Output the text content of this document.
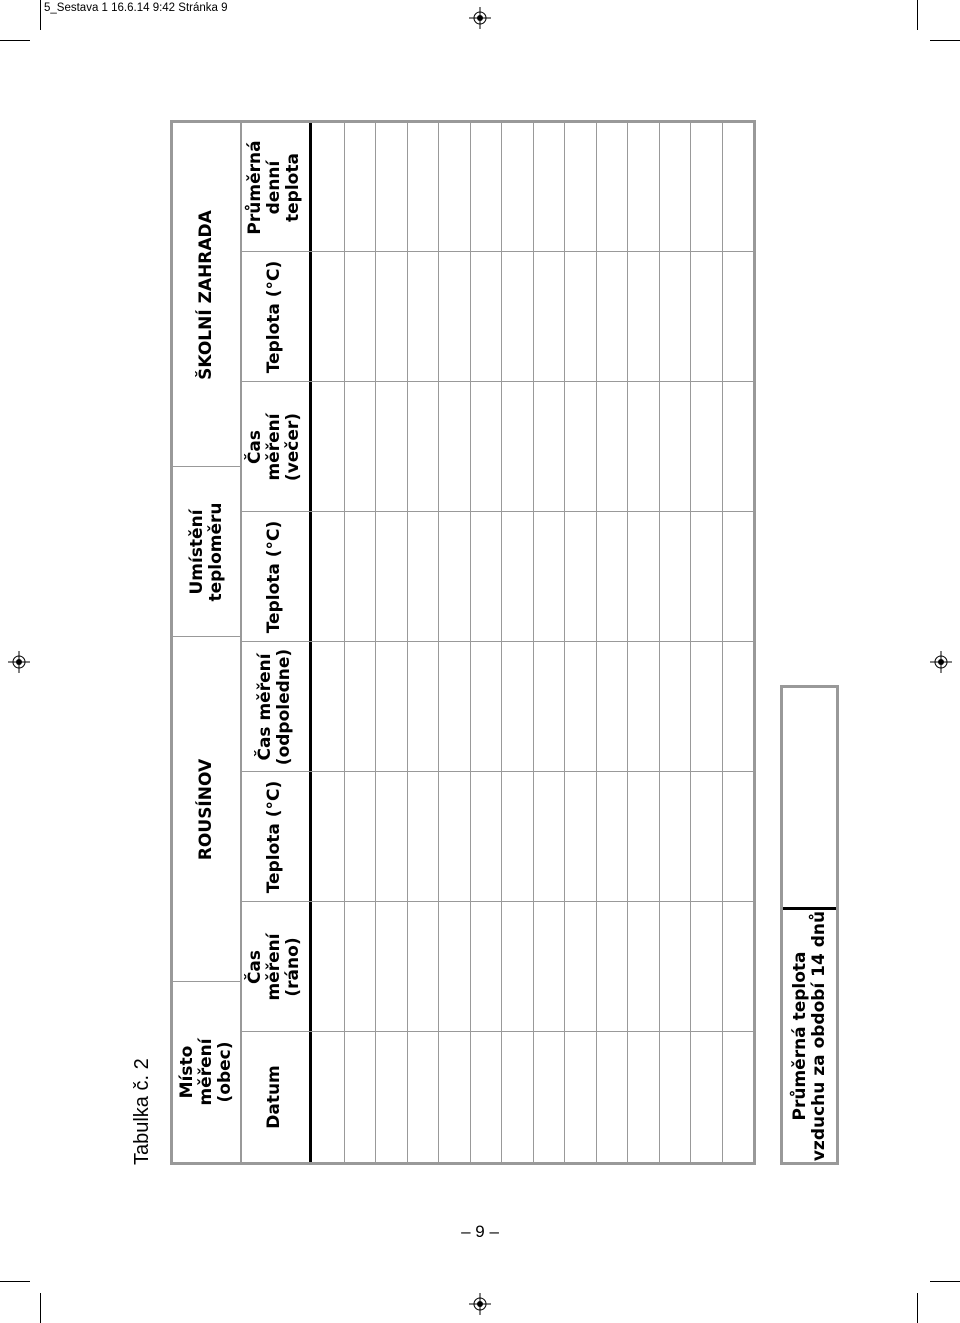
5_Sestava 1 16.6.14 9:42 Stránka 9
– 9 –
Tabulka č. 2 Místo měření (obec)
ROUSÍNOV
Umístění teploměru
ŠKOLNÍ ZAHRADA
Datum
Čas měření (ráno)
Teplota (°C)
Čas měření (odpoledne)
Teplota (°C)
Čas měření (večer)
Teplota (°C)
Průměrná denní teplota
Průměrná teplota vzduchu za období 14 dnů
